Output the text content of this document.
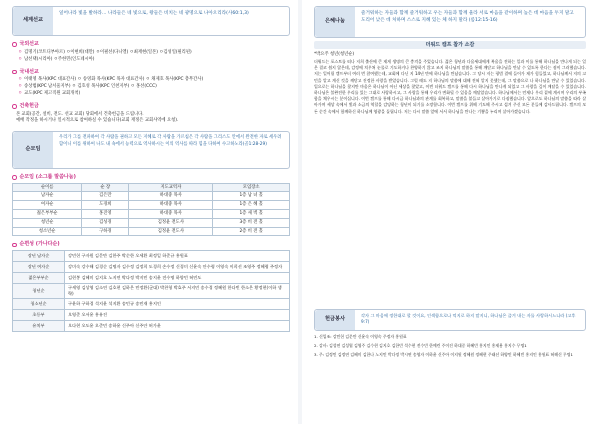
세계선교
일어나라 빛을 발하라… 나라들은 네 빛으로, 왕들은 비치는 네 광명으로 나아오리라(사60:1,3)
국외선교
ㅇ 김명기(코트디부아르) ㅇ이현희(대만) ㅇ이필선(다니엘) ㅇ최재현(일본) ㅇ김성일(필리핀)
ㅇ 남선택(시리아) ㅇ주한민(인도네시아)
국내선교
ㅇ 이태영 목사(KPC 대표간사) ㅇ 송영화 목사(KPC 목자 대표간사) ㅇ 채제호 목사(KPC 총무간사)
ㅇ 송상범(KPC 남서울지부) ㅇ 김호성 목사(KPC 인천지부) ㅇ 홍선(CCC)
ㅇ 교도(KPC 제고직원 교회개척)
건축헌금
본 교회(공간, 설비, 전도. 선교 교회) 당회에서 건축헌금을 드립니다.
예배 작정을 하시거나 일시적으로 참여하실 수 있습니다(교회 재정은 교회사역에 요청).
순모임
우리가 그를 전파하여 각 사람을 권하고 모든 지혜로 각 사람을 가르침은 각 사람을 그리스도 안에서 완전한 자로 세우려 함이니 이를 위하여 나도 내 속에서 능력으로 역사하시는 이의 역사를 따라 힘을 다하여 수고하노라(골1:28-29)
순모임 (소그룹 말씀나눔)
순이름	순 장	지도교역자	모임장소
남자순	김은만	하대중 목사	1층 남 녀 홀
여자순	도경희	하대중 목사	1층 은 혜 홀
젊은부부순	홍진영	하대중 목사	1층 새 벽 홀
청년순	김성경	김정윤 전도사	3층 비 전 홀
청소년순	구하경	김정윤 전도사	2층 비 전 홀
순편성 (가나다순)
장년 남자순	강민헌 구자원 김문만 김한주 박순한 오세환 최정일 하준규 홍원표
장년 여자순	강미숙 강수해 김경순 김명자 김수정 김정희 도경희 손수정 신경미 신윤숙 안수령 이영숙 이희선 조영주 정혜령 주정자
젊은부부순	김현봉 김혜미 김지호 노지연 박다정 박지민 송지윤 전수명 하양민 허민도
청년순	구세영 김상영 김소연 김호현 김하은 민정환(군대) 박찬형 박효주 서지민 송수경 정혜원 한다빈 한소은 황정현(이하 생략)
청소년순	구윤하 구하경 석지윤 석지환 송민규 송민재 홍지인
초등부	오영준 오서윤 홍유진
유치부	오다현 오도윤 오준민 송하윤 신주아 신주안 허가윤
은혜나눔
즐거워하는 자들과 함께 즐거워하고 우는 자들과 함께 울라 서로 마음을 같이하며 높은 데 마음을 두지 말고 도리어 낮은 데 처하며 스스로 지혜 있는 체 하지 말라 (롬12:15-16)
더워드 캠프 참가 소감
*박요주 청년(청년순)
더워드는 포스트를 떠나 저희 출산에 큰 제게 생명의 큰 충격을 주었습니다. 젊은 청년과 다음세대에게 복음을 전하는 일과 이를 통해 하나님을 만나게 되는 일은 결코 쉽지 않은데, 감정에 치우쳐 눈물로 기도하거나 찬양하기 않고 조지 하나님의 말씀을 통해 깨닫고 하나님을 만날 수 있도록 한다는 점이 그러했습니다. 저는 일어릴 캠프부터 여러 번 참여했는데, 교회에 다닌 지 14년 만에 하나님을 만났습니다. 그 당시 저는 평범 결에 들어가 제가 힘들었고, 하나님께서 저의 고민을 알고 계신 것을 깨닫고 진정한 사랑을 받았습니다. 그럴 때도 지 하나님의 말씀에 대해 전혀 알지 못했는데, 그 말씀으로 나 하나님을 만날 수 있었습니다. 입으로는 하나님을 찾지만 마음은 하나님이 아닌 세상을 찾았고, 이번 더워드 캠프를 통해 다시 하나님을 만나게 되었고 그 사랑을 깊이 깨달을 수 있었습니다. 하나님은 불완전한 우리를 있는 그대로 사랑하시고, 그 사랑을 통해 우리가 변화될 수 있음을 깨달았습니다. 하나님께서는 언제나 우리 곁에 계시며 우리의 부족함을 채우시는 분이십니다. 이번 캠프를 통해 다시금 하나님과의 관계를 회복하고, 말씀을 붙들고 살아가기로 다짐했습니다. 앞으로도 하나님의 말씀을 따라 살아가며 세상 속에서 빛과 소금의 역할을 감당하는 청년이 되기를 소망합니다. 이번 캠프를 위해 기도해 주시고 섬겨 주신 모든 분들께 감사드립니다. 캠프의 모든 순간 속에서 함께하신 하나님께 영광을 돌립니다. 저는 다시 말씀 앞에 서서 하나님을 만나는 기쁨을 누리며 살아가겠습니다.
헌금봉사
각자 그 마음에 정한대로 할 것이요, 인색함으로나 억지로 하지 말지니, 하나님은 즐겨 내는 자를 사랑하시느니라 (고후9:7)
1. 신입조: 강민헌 김문만 신윤숙 이영숙 주정자 홍원표
2. 감사: 김성연 김성엽 김영주 김수현 김지호 김한빈 석수현 전수빈 한예린 주이진 하대중 하혜빈 홍지인 홍제용 홍지수 무명1
3. 주: 김정민 김정연 김혜미 김한나 노지민 박다정 박시연 송영자 이하윤 신주아 이지원 정혜원 정혜현 주태선 하양민 하혜빈 홍지인 홍원표 허해신 무명1
